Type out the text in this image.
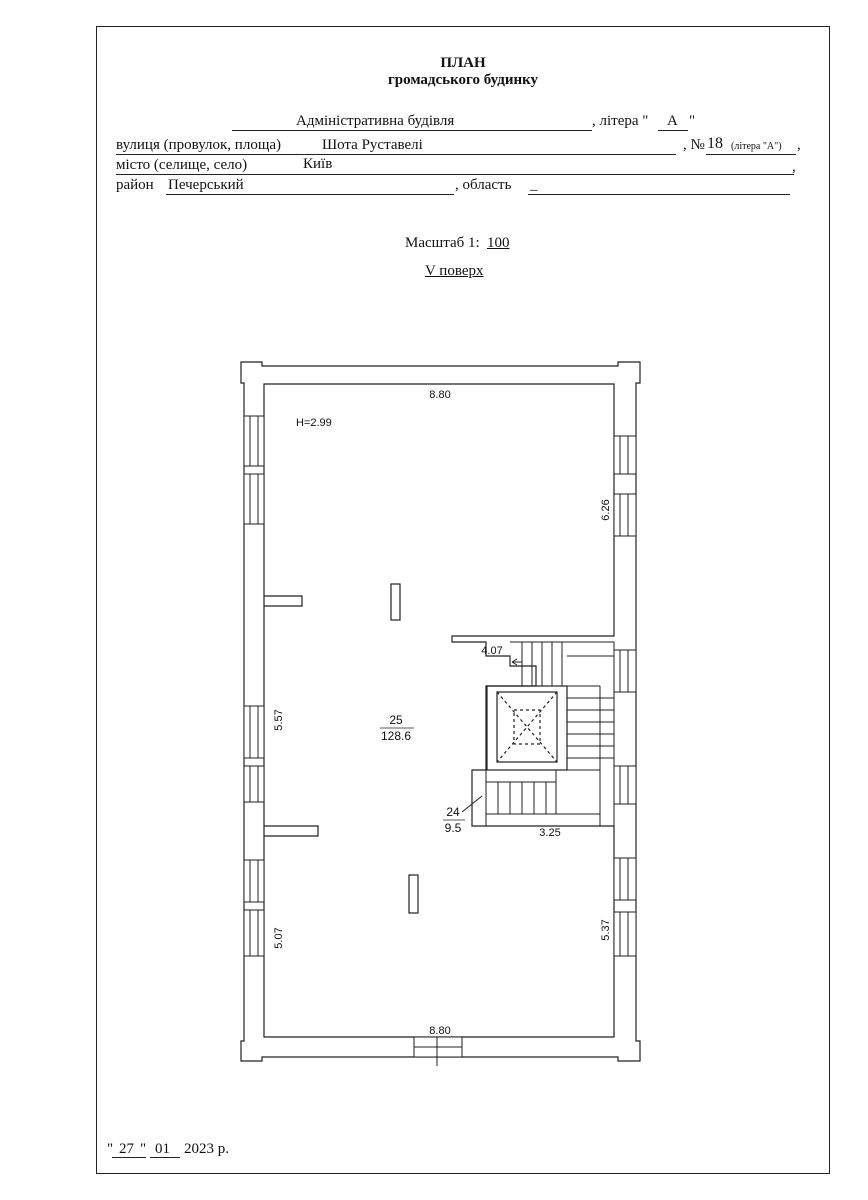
ПЛАН
громадського будинку
Адміністративна будівля	, літера " А "
вулиця (провулок, площа)	Шота Руставелі	, № 18 (літера "А") ,
місто (селище, село)	Київ	,
район Печерський	, область _
Масштаб 1: 100
V поверх
8.80
8.80
H=2.99
6.26
5.37
5.57
5.07
4.07
3.25
25
128.6
24
9.5
" 27 " 01 2023 р.
